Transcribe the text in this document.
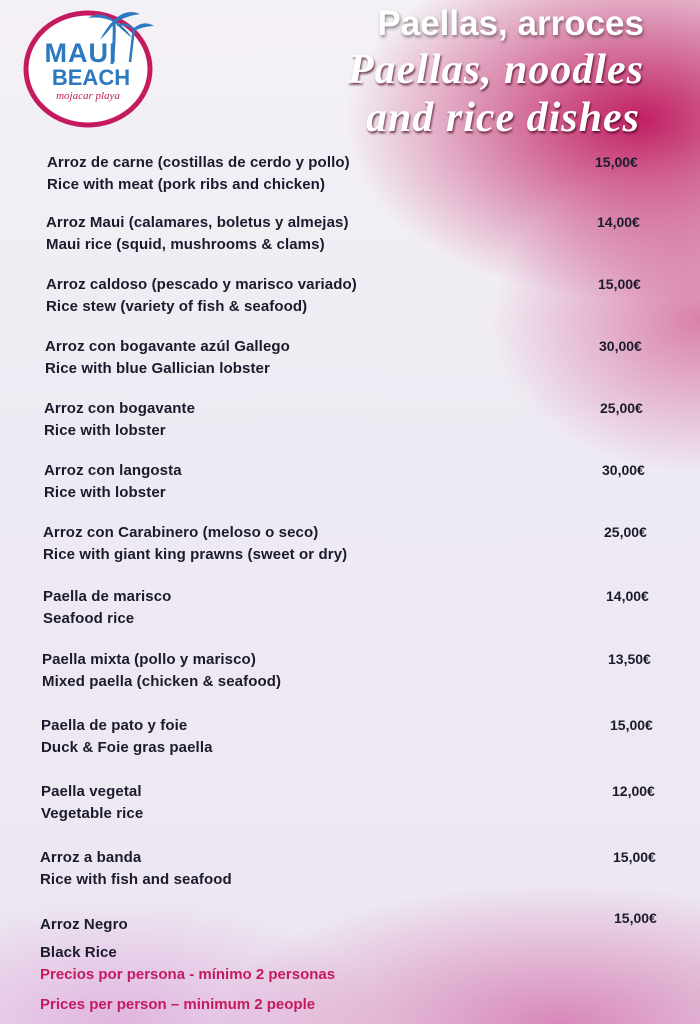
MAUI
BEACH
mojacar playa
Paellas, arroces
Paellas, noodles
and rice dishes
Arroz de carne (costillas de cerdo y pollo)
Rice with meat (pork ribs and chicken)
15,00€
Arroz Maui (calamares, boletus y almejas)
Maui rice (squid, mushrooms & clams)
14,00€
Arroz caldoso (pescado y marisco variado)
Rice stew (variety of fish & seafood)
15,00€
Arroz con bogavante azúl Gallego
Rice with blue Gallician lobster
30,00€
Arroz con bogavante
Rice with lobster
25,00€
Arroz con langosta
Rice with lobster
30,00€
Arroz con Carabinero (meloso o seco)
Rice with giant king prawns (sweet or dry)
25,00€
Paella de marisco
Seafood rice
14,00€
Paella mixta (pollo y marisco)
Mixed paella (chicken & seafood)
13,50€
Paella de pato y foie
Duck & Foie gras paella
15,00€
Paella vegetal
Vegetable rice
12,00€
Arroz a banda
Rice with fish and seafood
15,00€
Arroz Negro
Black Rice
15,00€
Precios por persona - mínimo 2 personas
Prices per person – minimum 2 people
